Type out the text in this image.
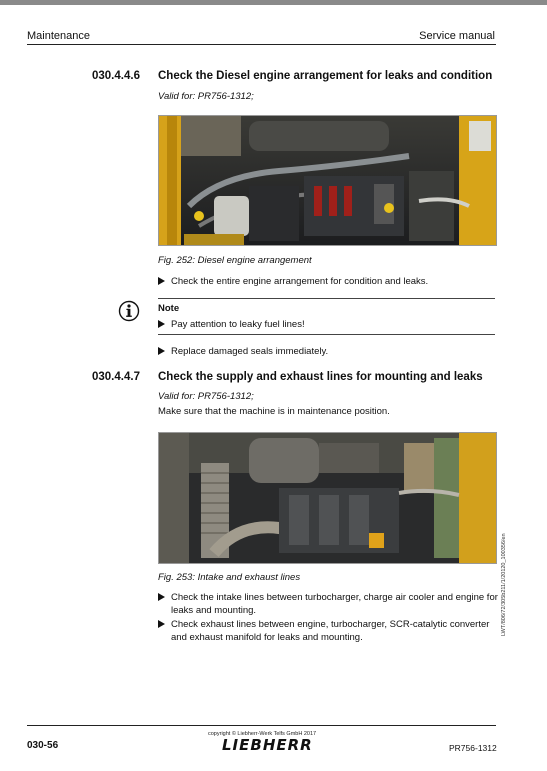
Maintenance	Service manual
030.4.4.6 Check the Diesel engine arrangement for leaks and condition
Valid for: PR756-1312;
Fig. 252: Diesel engine arrangement
Check the entire engine arrangement for condition and leaks.
Note
Pay attention to leaky fuel lines!
Replace damaged seals immediately.
030.4.4.7 Check the supply and exhaust lines for mounting and leaks
Valid for: PR756-1312;
Make sure that the machine is in maintenance position.
LWT/806/72/305b211/1/20120_100356/en
Fig. 253: Intake and exhaust lines
Check the intake lines between turbocharger, charge air cooler and engine for
leaks and mounting.
Check exhaust lines between engine, turbocharger, SCR-catalytic converter
and exhaust manifold for leaks and mounting.
copyright © Liebherr-Werk Telfs GmbH 2017
030-56	LIEBHERR	PR756-1312
